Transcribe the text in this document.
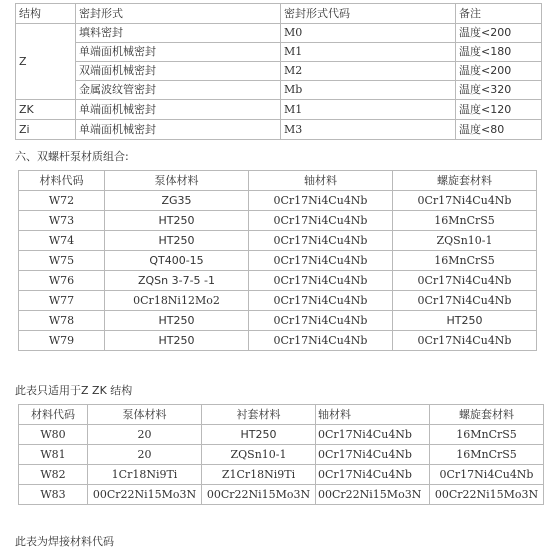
结构	密封形式	密封形式代码	备注
Z	填料密封	M0	温度<200
	单端面机械密封	M1	温度<180
	双端面机械密封	M2	温度<200
	金属波纹管密封	Mb	温度<320
ZK	单端面机械密封	M1	温度<120
Zi	单端面机械密封	M3	温度<80
六、双螺杆泵材质组合:
材料代码	泵体材料	轴材料	螺旋套材料
W72	ZG35	0Cr17Ni4Cu4Nb	0Cr17Ni4Cu4Nb
W73	HT250	0Cr17Ni4Cu4Nb	16MnCrS5
W74	HT250	0Cr17Ni4Cu4Nb	ZQSn10-1
W75	QT400-15	0Cr17Ni4Cu4Nb	16MnCrS5
W76	ZQSn 3-7-5 -1	0Cr17Ni4Cu4Nb	0Cr17Ni4Cu4Nb
W77	0Cr18Ni12Mo2	0Cr17Ni4Cu4Nb	0Cr17Ni4Cu4Nb
W78	HT250	0Cr17Ni4Cu4Nb	HT250
W79	HT250	0Cr17Ni4Cu4Nb	0Cr17Ni4Cu4Nb
此表只适用于Z ZK 结构
材料代码	泵体材料	衬套材料	轴材料	螺旋套材料
W80	20	HT250	0Cr17Ni4Cu4Nb	16MnCrS5
W81	20	ZQSn10-1	0Cr17Ni4Cu4Nb	16MnCrS5
W82	1Cr18Ni9Ti	Z1Cr18Ni9Ti	0Cr17Ni4Cu4Nb	0Cr17Ni4Cu4Nb
W83	00Cr22Ni15Mo3N	00Cr22Ni15Mo3N	00Cr22Ni15Mo3N	00Cr22Ni15Mo3N
此表为焊接材料代码
